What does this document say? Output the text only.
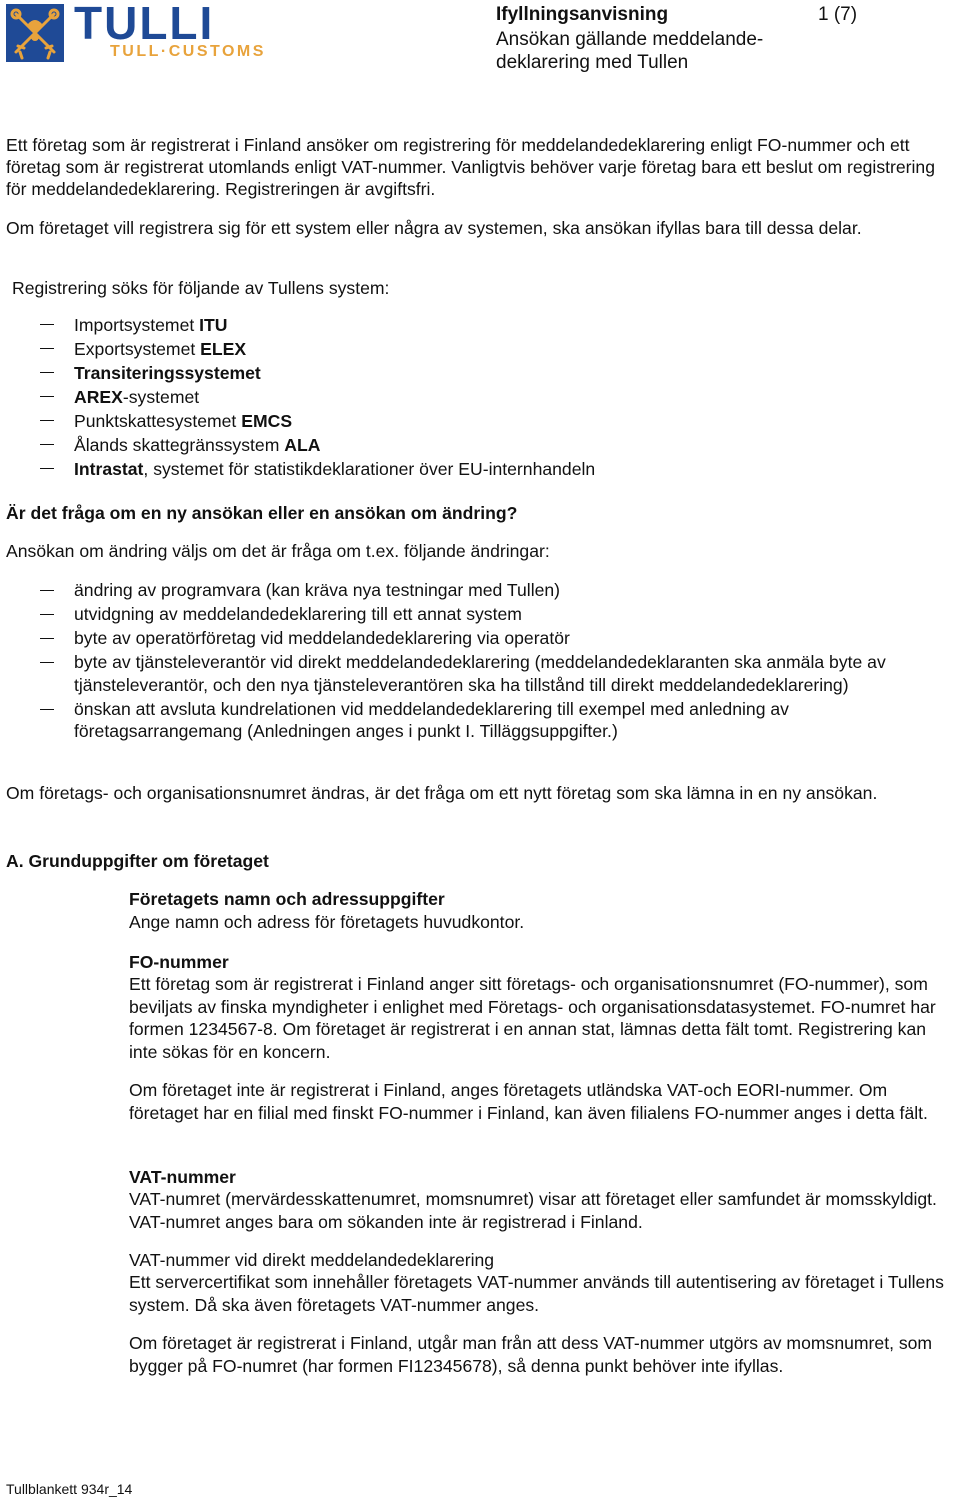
TULLI
TULL·CUSTOMS
Ifyllningsanvisning	1 (7)
Ansökan gällande meddelande-deklarering med Tullen

Ett företag som är registrerat i Finland ansöker om registrering för meddelandedeklarering enligt FO-nummer och ett företag som är registrerat utomlands enligt VAT-nummer. Vanligtvis behöver varje företag bara ett beslut om registrering för meddelandedeklarering. Registreringen är avgiftsfri.

Om företaget vill registrera sig för ett system eller några av systemen, ska ansökan ifyllas bara till dessa delar.

Registrering söks för följande av Tullens system:

Importsystemet ITU
Exportsystemet ELEX
Transiteringssystemet
AREX-systemet
Punktskattesystemet EMCS
Ålands skattegränssystem ALA
Intrastat, systemet för statistikdeklarationer över EU-internhandeln

Är det fråga om en ny ansökan eller en ansökan om ändring?

Ansökan om ändring väljs om det är fråga om t.ex. följande ändringar:

ändring av programvara (kan kräva nya testningar med Tullen)
utvidgning av meddelandedeklarering till ett annat system
byte av operatörföretag vid meddelandedeklarering via operatör
byte av tjänsteleverantör vid direkt meddelandedeklarering (meddelandedeklaranten ska anmäla byte av tjänsteleverantör, och den nya tjänsteleverantören ska ha tillstånd till direkt meddelandedeklarering)
önskan att avsluta kundrelationen vid meddelandedeklarering till exempel med anledning av företagsarrangemang (Anledningen anges i punkt I. Tilläggsuppgifter.)

Om företags- och organisationsnumret ändras, är det fråga om ett nytt företag som ska lämna in en ny ansökan.

A. Grunduppgifter om företaget

Företagets namn och adressuppgifter

Ange namn och adress för företagets huvudkontor.

FO-nummer

Ett företag som är registrerat i Finland anger sitt företags- och organisationsnumret (FO-nummer), som beviljats av finska myndigheter i enlighet med Företags- och organisationsdatasystemet. FO-numret har formen 1234567-8. Om företaget är registrerat i en annan stat, lämnas detta fält tomt. Registrering kan inte sökas för en koncern.

Om företaget inte är registrerat i Finland, anges företagets utländska VAT-och EORI-nummer. Om företaget har en filial med finskt FO-nummer i Finland, kan även filialens FO-nummer anges i detta fält.

VAT-nummer

VAT-numret (mervärdesskattenumret, momsnumret) visar att företaget eller samfundet är momsskyldigt. VAT-numret anges bara om sökanden inte är registrerad i Finland.

VAT-nummer vid direkt meddelandedeklarering

Ett servercertifikat som innehåller företagets VAT-nummer används till autentisering av företaget i Tullens system. Då ska även företagets VAT-nummer anges.

Om företaget är registrerat i Finland, utgår man från att dess VAT-nummer utgörs av momsnumret, som bygger på FO-numret (har formen FI12345678), så denna punkt behöver inte ifyllas.

Tullblankett 934r_14
